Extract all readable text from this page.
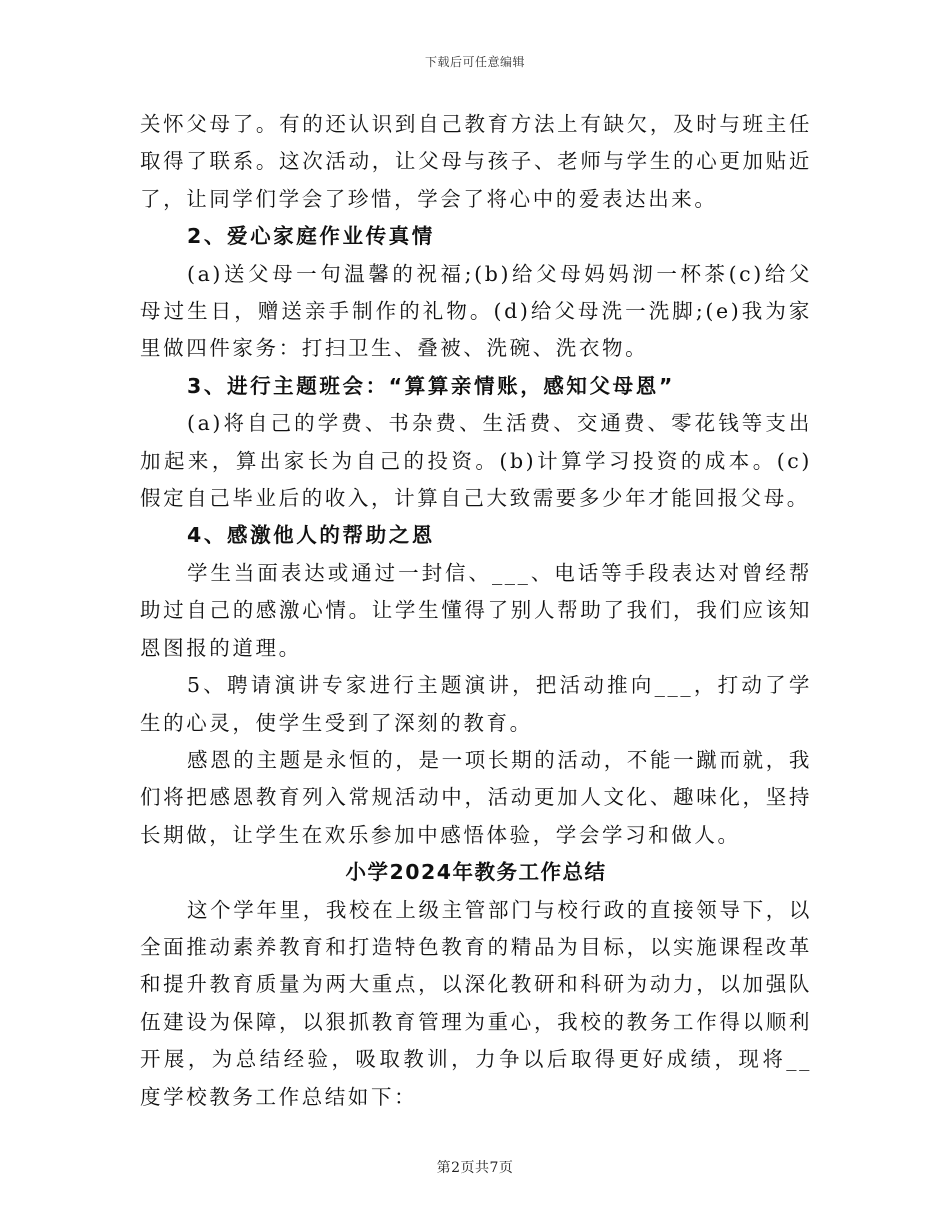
下载后可任意编辑

关怀父母了。有的还认识到自己教育方法上有缺欠，及时与班主任取得了联系。这次活动，让父母与孩子、老师与学生的心更加贴近了，让同学们学会了珍惜，学会了将心中的爱表达出来。

2、爱心家庭作业传真情

(a)送父母一句温馨的祝福;(b)给父母妈妈沏一杯茶(c)给父母过生日，赠送亲手制作的礼物。(d)给父母洗一洗脚;(e)我为家里做四件家务：打扫卫生、叠被、洗碗、洗衣物。

3、进行主题班会：“算算亲情账，感知父母恩”

(a)将自己的学费、书杂费、生活费、交通费、零花钱等支出加起来，算出家长为自己的投资。(b)计算学习投资的成本。(c)假定自己毕业后的收入，计算自己大致需要多少年才能回报父母。

4、感激他人的帮助之恩

学生当面表达或通过一封信、___、电话等手段表达对曾经帮助过自己的感激心情。让学生懂得了别人帮助了我们，我们应该知恩图报的道理。

5、聘请演讲专家进行主题演讲，把活动推向___，打动了学生的心灵，使学生受到了深刻的教育。

感恩的主题是永恒的，是一项长期的活动，不能一蹴而就，我们将把感恩教育列入常规活动中，活动更加人文化、趣味化，坚持长期做，让学生在欢乐参加中感悟体验，学会学习和做人。

小学2024年教务工作总结

这个学年里，我校在上级主管部门与校行政的直接领导下，以全面推动素养教育和打造特色教育的精品为目标，以实施课程改革和提升教育质量为两大重点，以深化教研和科研为动力，以加强队伍建设为保障，以狠抓教育管理为重心，我校的教务工作得以顺利开展，为总结经验，吸取教训，力争以后取得更好成绩，现将__度学校教务工作总结如下：

第2页共7页
